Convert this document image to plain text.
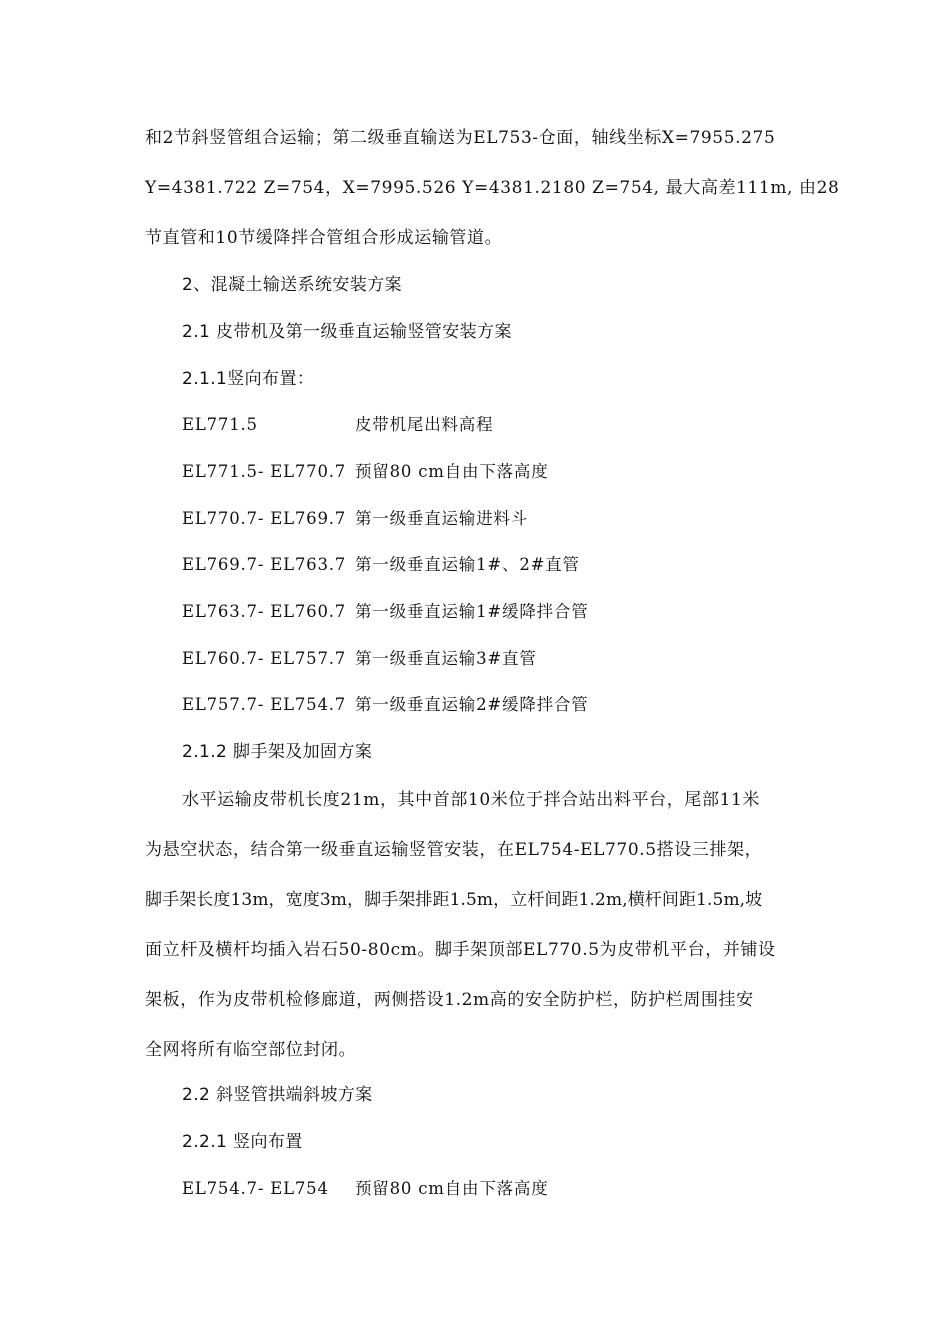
和2节斜竖管组合运输；第二级垂直输送为EL753-仓面，轴线坐标X=7955.275
Y=4381.722 Z=754，X=7995.526 Y=4381.2180 Z=754, 最大高差111m, 由28
节直管和10节缓降拌合管组合形成运输管道。
2、混凝土输送系统安装方案
2.1 皮带机及第一级垂直运输竖管安装方案
2.1.1竖向布置：
EL771.5	皮带机尾出料高程
EL771.5- EL770.7 预留80 cm自由下落高度
EL770.7- EL769.7 第一级垂直运输进料斗
EL769.7- EL763.7 第一级垂直运输1#、2#直管
EL763.7- EL760.7 第一级垂直运输1#缓降拌合管
EL760.7- EL757.7 第一级垂直运输3#直管
EL757.7- EL754.7 第一级垂直运输2#缓降拌合管
2.1.2 脚手架及加固方案
水平运输皮带机长度21m，其中首部10米位于拌合站出料平台，尾部11米
为悬空状态，结合第一级垂直运输竖管安装，在EL754-EL770.5搭设三排架，
脚手架长度13m，宽度3m，脚手架排距1.5m，立杆间距1.2m,横杆间距1.5m,坡
面立杆及横杆均插入岩石50-80cm。脚手架顶部EL770.5为皮带机平台，并铺设
架板，作为皮带机检修廊道，两侧搭设1.2m高的安全防护栏，防护栏周围挂安
全网将所有临空部位封闭。
2.2 斜竖管拱端斜坡方案
2.2.1 竖向布置
EL754.7- EL754 预留80 cm自由下落高度
